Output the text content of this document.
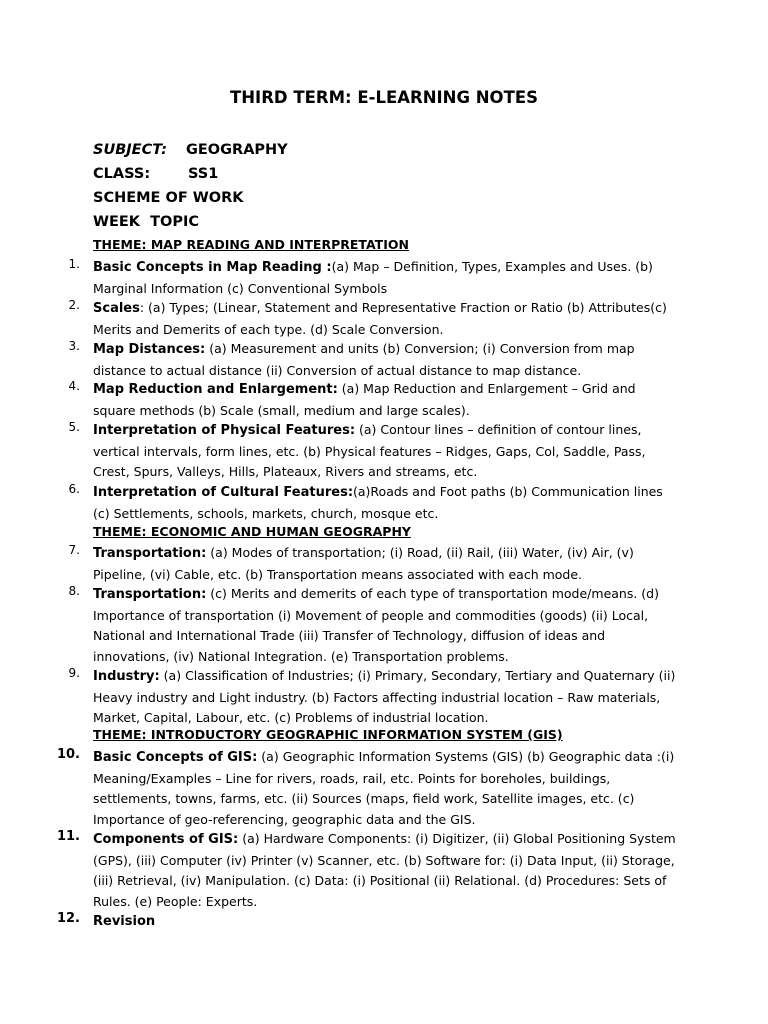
THIRD TERM: E-LEARNING NOTES
SUBJECT: GEOGRAPHY
CLASS:	SS1
SCHEME OF WORK
WEEK  TOPIC
THEME: MAP READING AND INTERPRETATION
1. Basic Concepts in Map Reading :(a) Map – Definition, Types, Examples and Uses. (b) Marginal Information (c) Conventional Symbols
2. Scales: (a) Types; (Linear, Statement and Representative Fraction or Ratio (b) Attributes(c) Merits and Demerits of each type. (d) Scale Conversion.
3. Map Distances: (a) Measurement and units (b) Conversion; (i) Conversion from map distance to actual distance (ii) Conversion of actual distance to map distance.
4. Map Reduction and Enlargement: (a) Map Reduction and Enlargement – Grid and square methods (b) Scale (small, medium and large scales).
5. Interpretation of Physical Features: (a) Contour lines – definition of contour lines, vertical intervals, form lines, etc. (b) Physical features – Ridges, Gaps, Col, Saddle, Pass, Crest, Spurs, Valleys, Hills, Plateaux, Rivers and streams, etc.
6. Interpretation of Cultural Features:(a)Roads and Foot paths (b) Communication lines (c) Settlements, schools, markets, church, mosque etc.
THEME: ECONOMIC AND HUMAN GEOGRAPHY
7. Transportation: (a) Modes of transportation; (i) Road, (ii) Rail, (iii) Water, (iv) Air, (v) Pipeline, (vi) Cable, etc. (b) Transportation means associated with each mode.
8. Transportation: (c) Merits and demerits of each type of transportation mode/means. (d) Importance of transportation (i) Movement of people and commodities (goods) (ii) Local, National and International Trade (iii) Transfer of Technology, diffusion of ideas and innovations, (iv) National Integration. (e) Transportation problems.
9. Industry: (a) Classification of Industries; (i) Primary, Secondary, Tertiary and Quaternary (ii) Heavy industry and Light industry. (b) Factors affecting industrial location – Raw materials, Market, Capital, Labour, etc. (c) Problems of industrial location.
THEME: INTRODUCTORY GEOGRAPHIC INFORMATION SYSTEM (GIS)
10. Basic Concepts of GIS: (a) Geographic Information Systems (GIS) (b) Geographic data :(i) Meaning/Examples – Line for rivers, roads, rail, etc. Points for boreholes, buildings, settlements, towns, farms, etc. (ii) Sources (maps, field work, Satellite images, etc. (c) Importance of geo-referencing, geographic data and the GIS.
11. Components of GIS: (a) Hardware Components: (i) Digitizer, (ii) Global Positioning System (GPS), (iii) Computer (iv) Printer (v) Scanner, etc. (b) Software for: (i) Data Input, (ii) Storage, (iii) Retrieval, (iv) Manipulation. (c) Data: (i) Positional (ii) Relational. (d) Procedures: Sets of Rules. (e) People: Experts.
12. Revision
